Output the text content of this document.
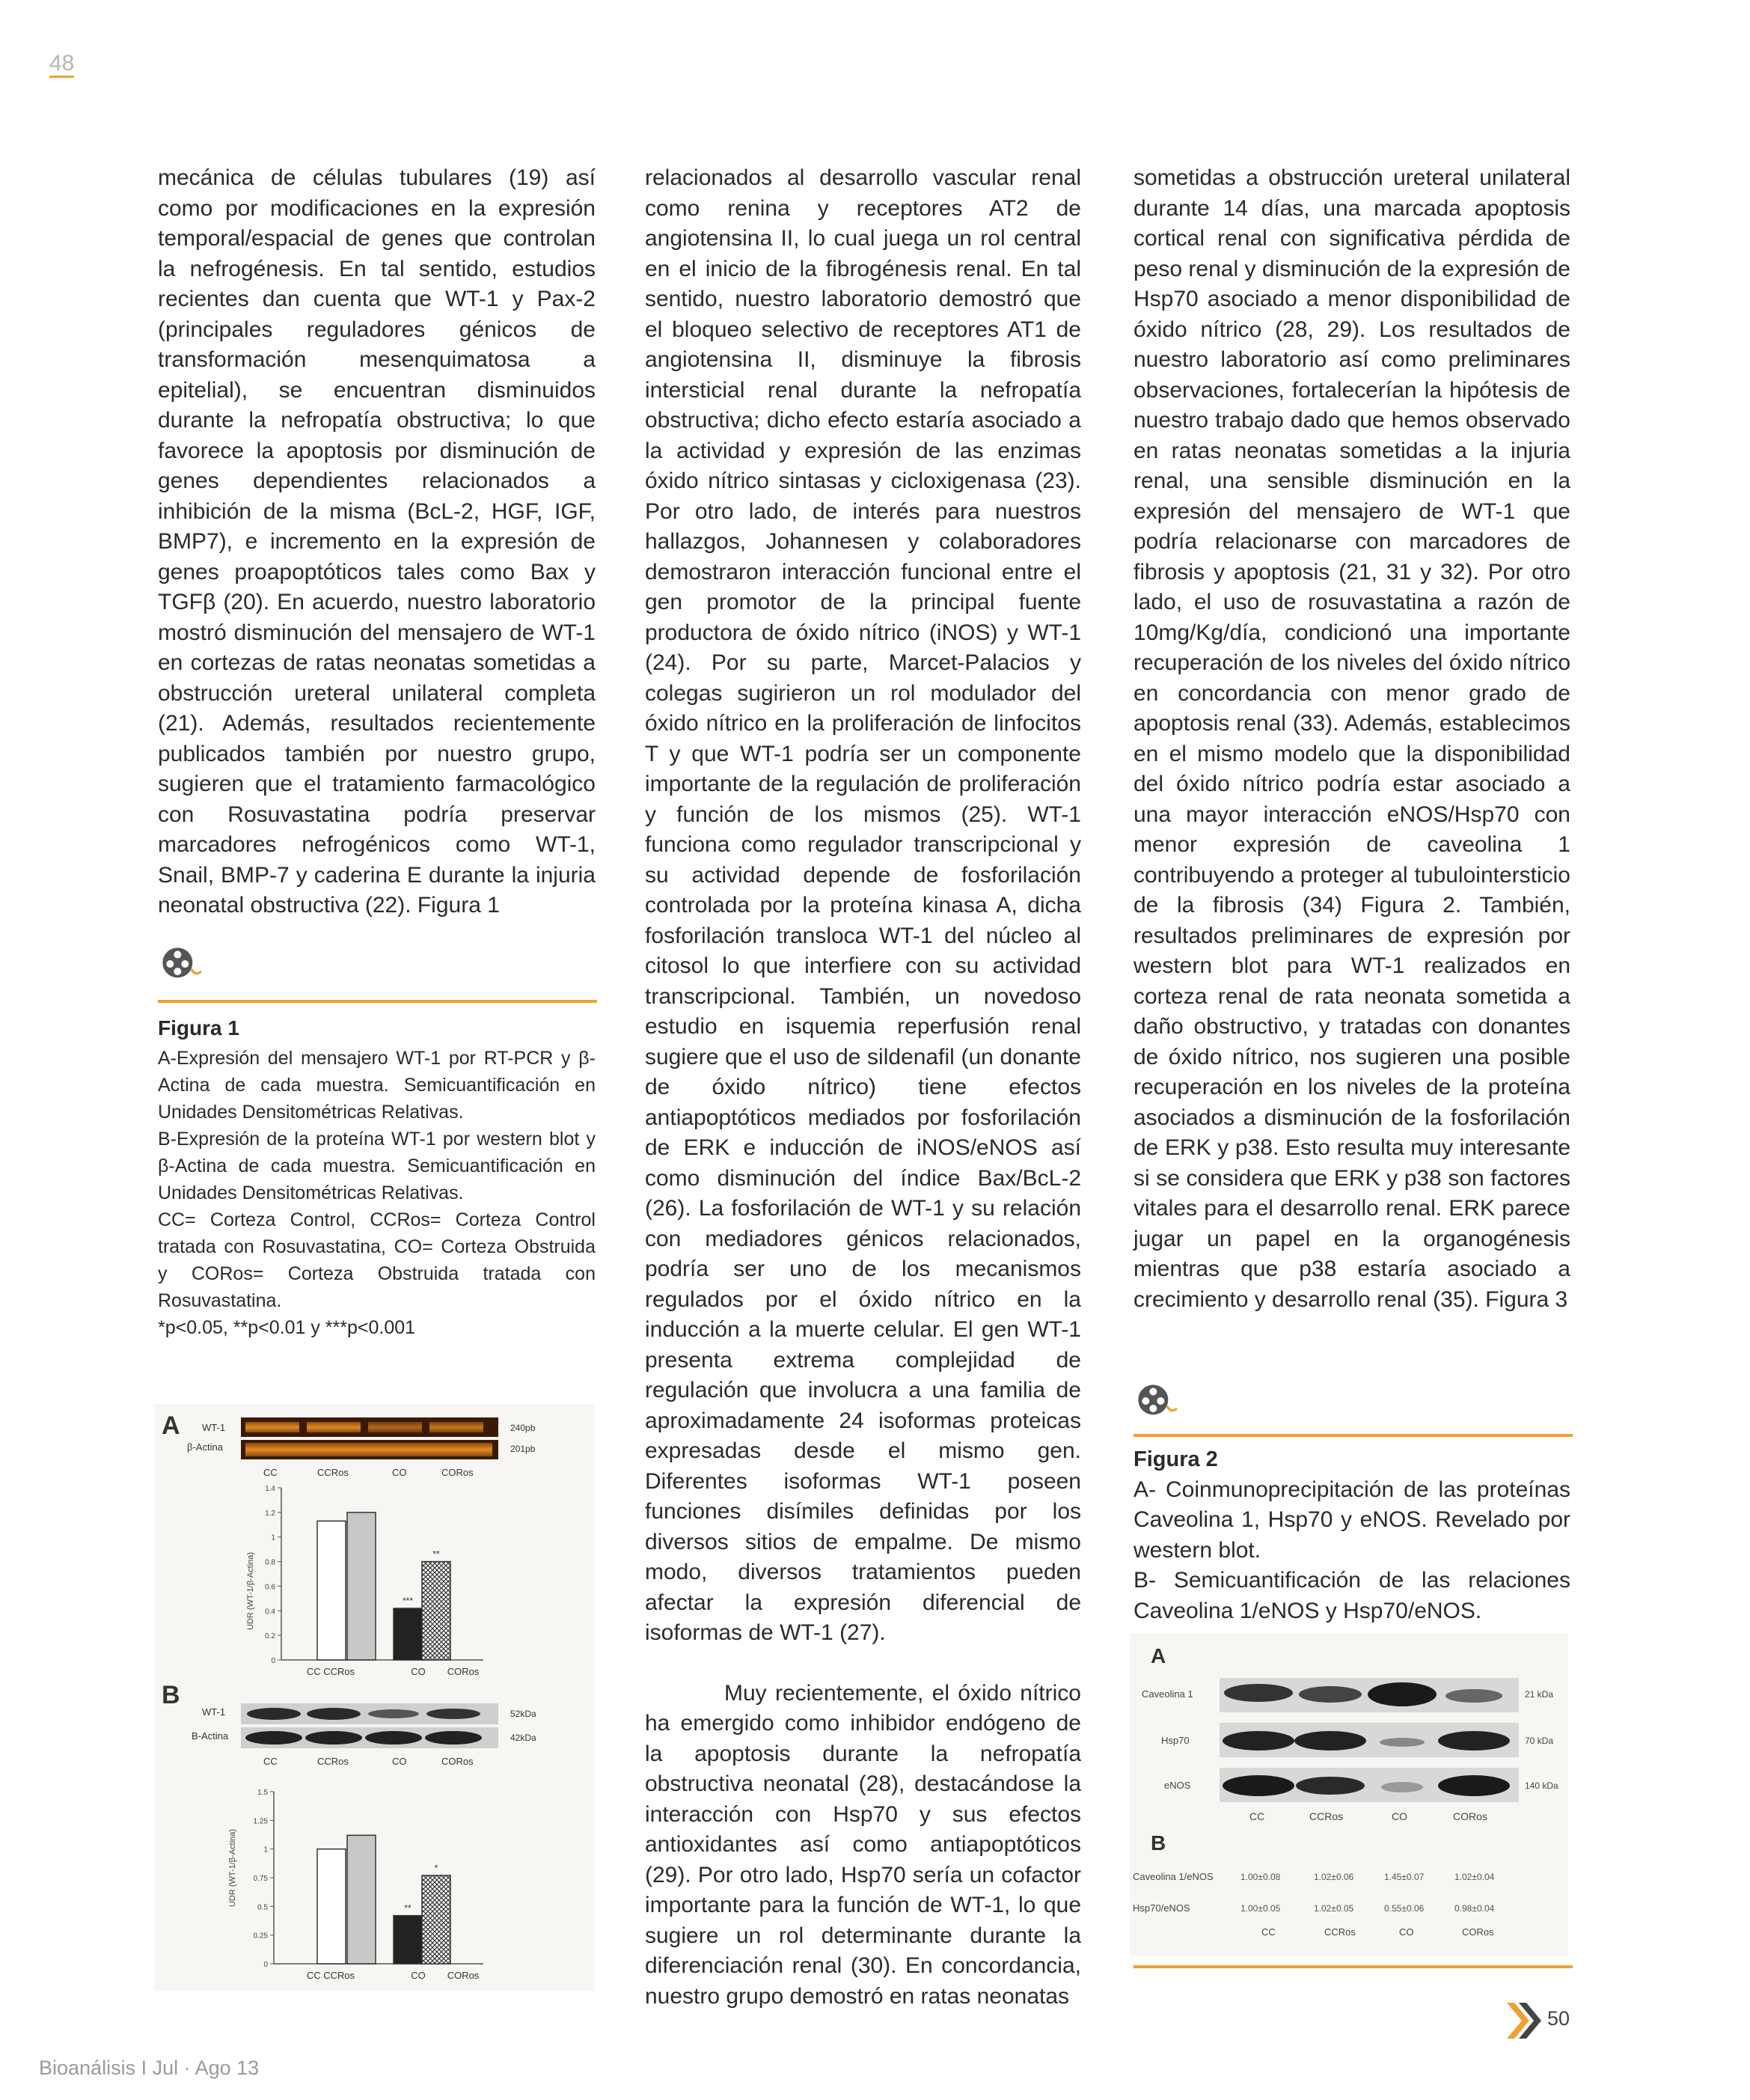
48

mecánica de células tubulares (19) así como por modificaciones en la expresión temporal/espacial de genes que controlan la nefrogénesis. En tal sentido, estudios recientes dan cuenta que WT-1 y Pax-2 (principales reguladores génicos de transformación mesenquimatosa a epitelial), se encuentran disminuidos durante la nefropatía obstructiva; lo que favorece la apoptosis por disminución de genes dependientes relacionados a inhibición de la misma (BcL-2, HGF, IGF, BMP7), e incremento en la expresión de genes proapoptóticos tales como Bax y TGFβ (20). En acuerdo, nuestro laboratorio mostró disminución del mensajero de WT-1 en cortezas de ratas neonatas sometidas a obstrucción ureteral unilateral completa (21). Además, resultados recientemente publicados también por nuestro grupo, sugieren que el tratamiento farmacológico con Rosuvastatina podría preservar marcadores nefrogénicos como WT-1, Snail, BMP-7 y caderina E durante la injuria neonatal obstructiva (22). Figura 1

Figura 1

A-Expresión del mensajero WT-1 por RT-PCR y β-Actina de cada muestra. Semicuantificación en Unidades Densitométricas Relativas.

B-Expresión de la proteína WT-1 por western blot y β-Actina de cada muestra. Semicuantificación en Unidades Densitométricas Relativas.

CC= Corteza Control, CCRos= Corteza Control tratada con Rosuvastatina, CO= Corteza Obstruida y CORos= Corteza Obstruida tratada con Rosuvastatina.

*p<0.05, **p<0.01 y ***p<0.001

A WT-1
β-Actina
240pb
201pb
CC	CCRos	CO	CORos
1.4
1.2
1
0.8
0.6
0.4
0.2
0
***
**
UDR (WT-1/β-Actina)
CC CCRos	CO CORos
B
WT-1
B-Actina
52kDa
42kDa
CC	CCRos	CO	CORos
1.5
1.25
1
0.75
0.5
0.25
0
**
*
UDR (WT-1/β-Actina)
CC CCRos	CO CORos

relacionados al desarrollo vascular renal como renina y receptores AT2 de angiotensina II, lo cual juega un rol central en el inicio de la fibrogénesis renal. En tal sentido, nuestro laboratorio demostró que el bloqueo selectivo de receptores AT1 de angiotensina II, disminuye la fibrosis intersticial renal durante la nefropatía obstructiva; dicho efecto estaría asociado a la actividad y expresión de las enzimas óxido nítrico sintasas y cicloxigenasa (23). Por otro lado, de interés para nuestros hallazgos, Johannesen y colaboradores demostraron interacción funcional entre el gen promotor de la principal fuente productora de óxido nítrico (iNOS) y WT-1 (24). Por su parte, Marcet-Palacios y colegas sugirieron un rol modulador del óxido nítrico en la proliferación de linfocitos T y que WT-1 podría ser un componente importante de la regulación de proliferación y función de los mismos (25). WT-1 funciona como regulador transcripcional y su actividad depende de fosforilación controlada por la proteína kinasa A, dicha fosforilación transloca WT-1 del núcleo al citosol lo que interfiere con su actividad transcripcional. También, un novedoso estudio en isquemia reperfusión renal sugiere que el uso de sildenafil (un donante de óxido nítrico) tiene efectos antiapoptóticos mediados por fosforilación de ERK e inducción de iNOS/eNOS así como disminución del índice Bax/BcL-2 (26). La fosforilación de WT-1 y su relación con mediadores génicos relacionados, podría ser uno de los mecanismos regulados por el óxido nítrico en la inducción a la muerte celular. El gen WT-1 presenta extrema complejidad de regulación que involucra a una familia de aproximadamente 24 isoformas proteicas expresadas desde el mismo gen. Diferentes isoformas WT-1 poseen funciones disímiles definidas por los diversos sitios de empalme. De mismo modo, diversos tratamientos pueden afectar la expresión diferencial de isoformas de WT-1 (27).

Muy recientemente, el óxido nítrico ha emergido como inhibidor endógeno de la apoptosis durante la nefropatía obstructiva neonatal (28), destacándose la interacción con Hsp70 y sus efectos antioxidantes así como antiapoptóticos (29). Por otro lado, Hsp70 sería un cofactor importante para la función de WT-1, lo que sugiere un rol determinante durante la diferenciación renal (30). En concordancia, nuestro grupo demostró en ratas neonatas

sometidas a obstrucción ureteral unilateral durante 14 días, una marcada apoptosis cortical renal con significativa pérdida de peso renal y disminución de la expresión de Hsp70 asociado a menor disponibilidad de óxido nítrico (28, 29). Los resultados de nuestro laboratorio así como preliminares observaciones, fortalecerían la hipótesis de nuestro trabajo dado que hemos observado en ratas neonatas sometidas a la injuria renal, una sensible disminución en la expresión del mensajero de WT-1 que podría relacionarse con marcadores de fibrosis y apoptosis (21, 31 y 32). Por otro lado, el uso de rosuvastatina a razón de 10mg/Kg/día, condicionó una importante recuperación de los niveles del óxido nítrico en concordancia con menor grado de apoptosis renal (33). Además, establecimos en el mismo modelo que la disponibilidad del óxido nítrico podría estar asociado a una mayor interacción eNOS/Hsp70 con menor expresión de caveolina 1 contribuyendo a proteger al tubulointersticio de la fibrosis (34) Figura 2. También, resultados preliminares de expresión por western blot para WT-1 realizados en corteza renal de rata neonata sometida a daño obstructivo, y tratadas con donantes de óxido nítrico, nos sugieren una posible recuperación en los niveles de la proteína asociados a disminución de la fosforilación de ERK y p38. Esto resulta muy interesante si se considera que ERK y p38 son factores vitales para el desarrollo renal. ERK parece jugar un papel en la organogénesis mientras que p38 estaría asociado a crecimiento y desarrollo renal (35). Figura 3

Figura 2

A- Coinmunoprecipitación de las proteínas Caveolina 1, Hsp70 y eNOS. Revelado por western blot.

B- Semicuantificación de las relaciones Caveolina 1/eNOS y Hsp70/eNOS.

A
Caveolina 1
Hsp70
eNOS
21 kDa
70 kDa
140 kDa
CC	CCRos	CO	CORos
B
Caveolina 1/eNOS	1.00±0.08	1.02±0.06	1.45±0.07	1.02±0.04
Hsp70/eNOS	1.00±0.05	1.02±0.05	0.55±0.06	0.98±0.04
CC	CCRos	CO	CORos
Bioanálisis I Jul · Ago 13
50
